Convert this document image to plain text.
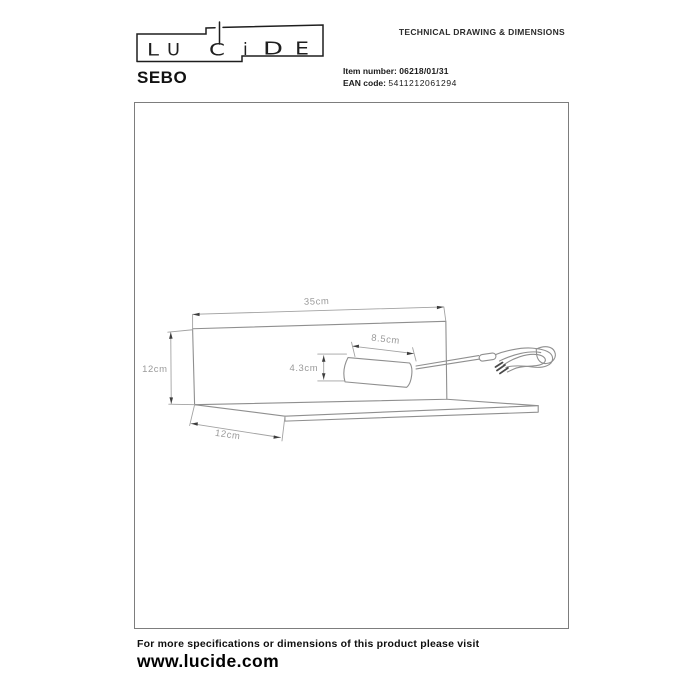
L U C i D E
SEBO
TECHNICAL DRAWING & DIMENSIONS
Item number: 06218/01/31
EAN code: 5411212061294
35cm
12cm
12cm
8.5cm
4.3cm
For more specifications or dimensions of this product please visit
www.lucide.com
